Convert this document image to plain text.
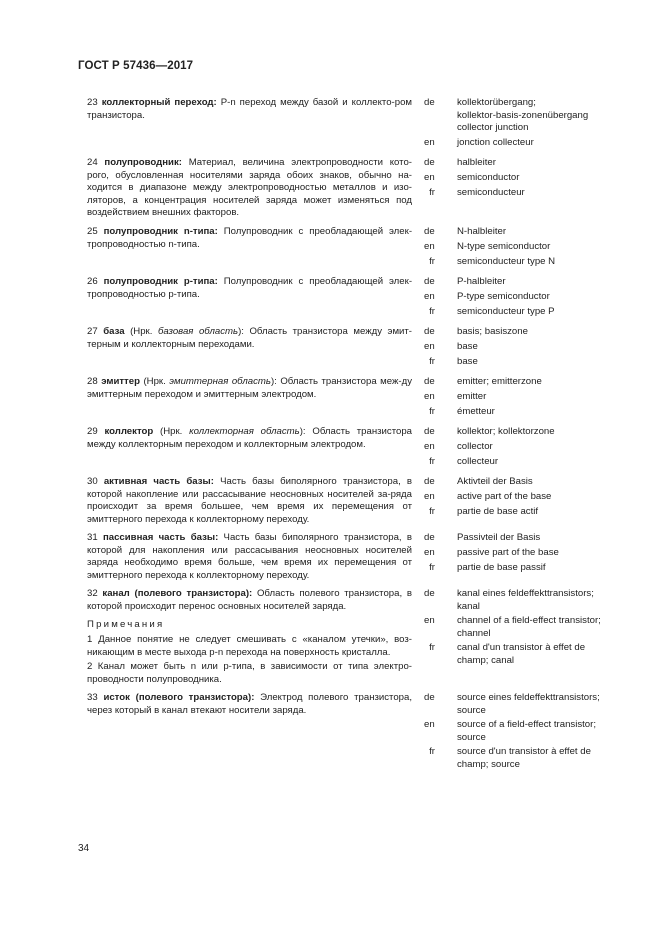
ГОСТ Р 57436—2017
23 коллекторный переход: Р-n переход между базой и коллекто-ром транзистора.
de	kollektorübergang;
kollektor-basis-zonenübergang
collector junction
en	jonction collecteur
24 полупроводник: Материал, величина электропроводности кото-рого, обусловленная носителями заряда обоих знаков, обычно на-ходится в диапазоне между электропроводностью металлов и изо-ляторов, а концентрация носителей заряда может изменяться под воздействием внешних факторов.
de	halbleiter
en	semiconductor
fr	semiconducteur
25 полупроводник n-типа: Полупроводник с преобладающей элек-тропроводностью n-типа.
de	N-halbleiter
en	N-type semiconductor
fr	semiconducteur type N
26 полупроводник р-типа: Полупроводник с преобладающей элек-тропроводностью р-типа.
de	P-halbleiter
en	P-type semiconductor
fr	semiconducteur type P
27 база (Нрк. базовая область): Область транзистора между эмит-терным и коллекторным переходами.
de	basis; basiszone
en	base
fr	base
28 эмиттер (Нрк. эмиттерная область): Область транзистора меж-ду эмиттерным переходом и эмиттерным электродом.
de	emitter; emitterzone
en	emitter
fr	émetteur
29 коллектор (Нрк. коллекторная область): Область транзистора между коллекторным переходом и коллекторным электродом.
de	kollektor; kollektorzone
en	collector
fr	collecteur
30 активная часть базы: Часть базы биполярного транзистора, в которой накопление или рассасывание неосновных носителей за-ряда происходит за время большее, чем время их перемещения от эмиттерного перехода к коллекторному переходу.
de	Aktivteil der Basis
en	active part of the base
fr	partie de base actif
31 пассивная часть базы: Часть базы биполярного транзистора, в которой для накопления или рассасывания неосновных носителей заряда необходимо время больше, чем время их перемещения от эмиттерного перехода к коллекторному переходу.
de	Passivteil der Basis
en	passive part of the base
fr	partie de base passif
32 канал (полевого транзистора): Область полевого транзистора, в которой происходит перенос основных носителей заряда.
de	kanal eines feldeffekttransistors;
kanal
en	channel of a field-effect transistor;
channel
fr	canal d'un transistor à effet de
champ; canal
33 исток (полевого транзистора): Электрод полевого транзистора, через который в канал втекают носители заряда.
de	source eines feldeffekttransistors;
source
en	source of a field-effect transistor;
source
fr	source d'un transistor à effet de
champ; source
Примечания
1 Данное понятие не следует смешивать с «каналом утечки», воз-никающим в месте выхода р-n перехода на поверхность кристалла.
2 Канал может быть n или р-типа, в зависимости от типа электро-проводности полупроводника.
34
